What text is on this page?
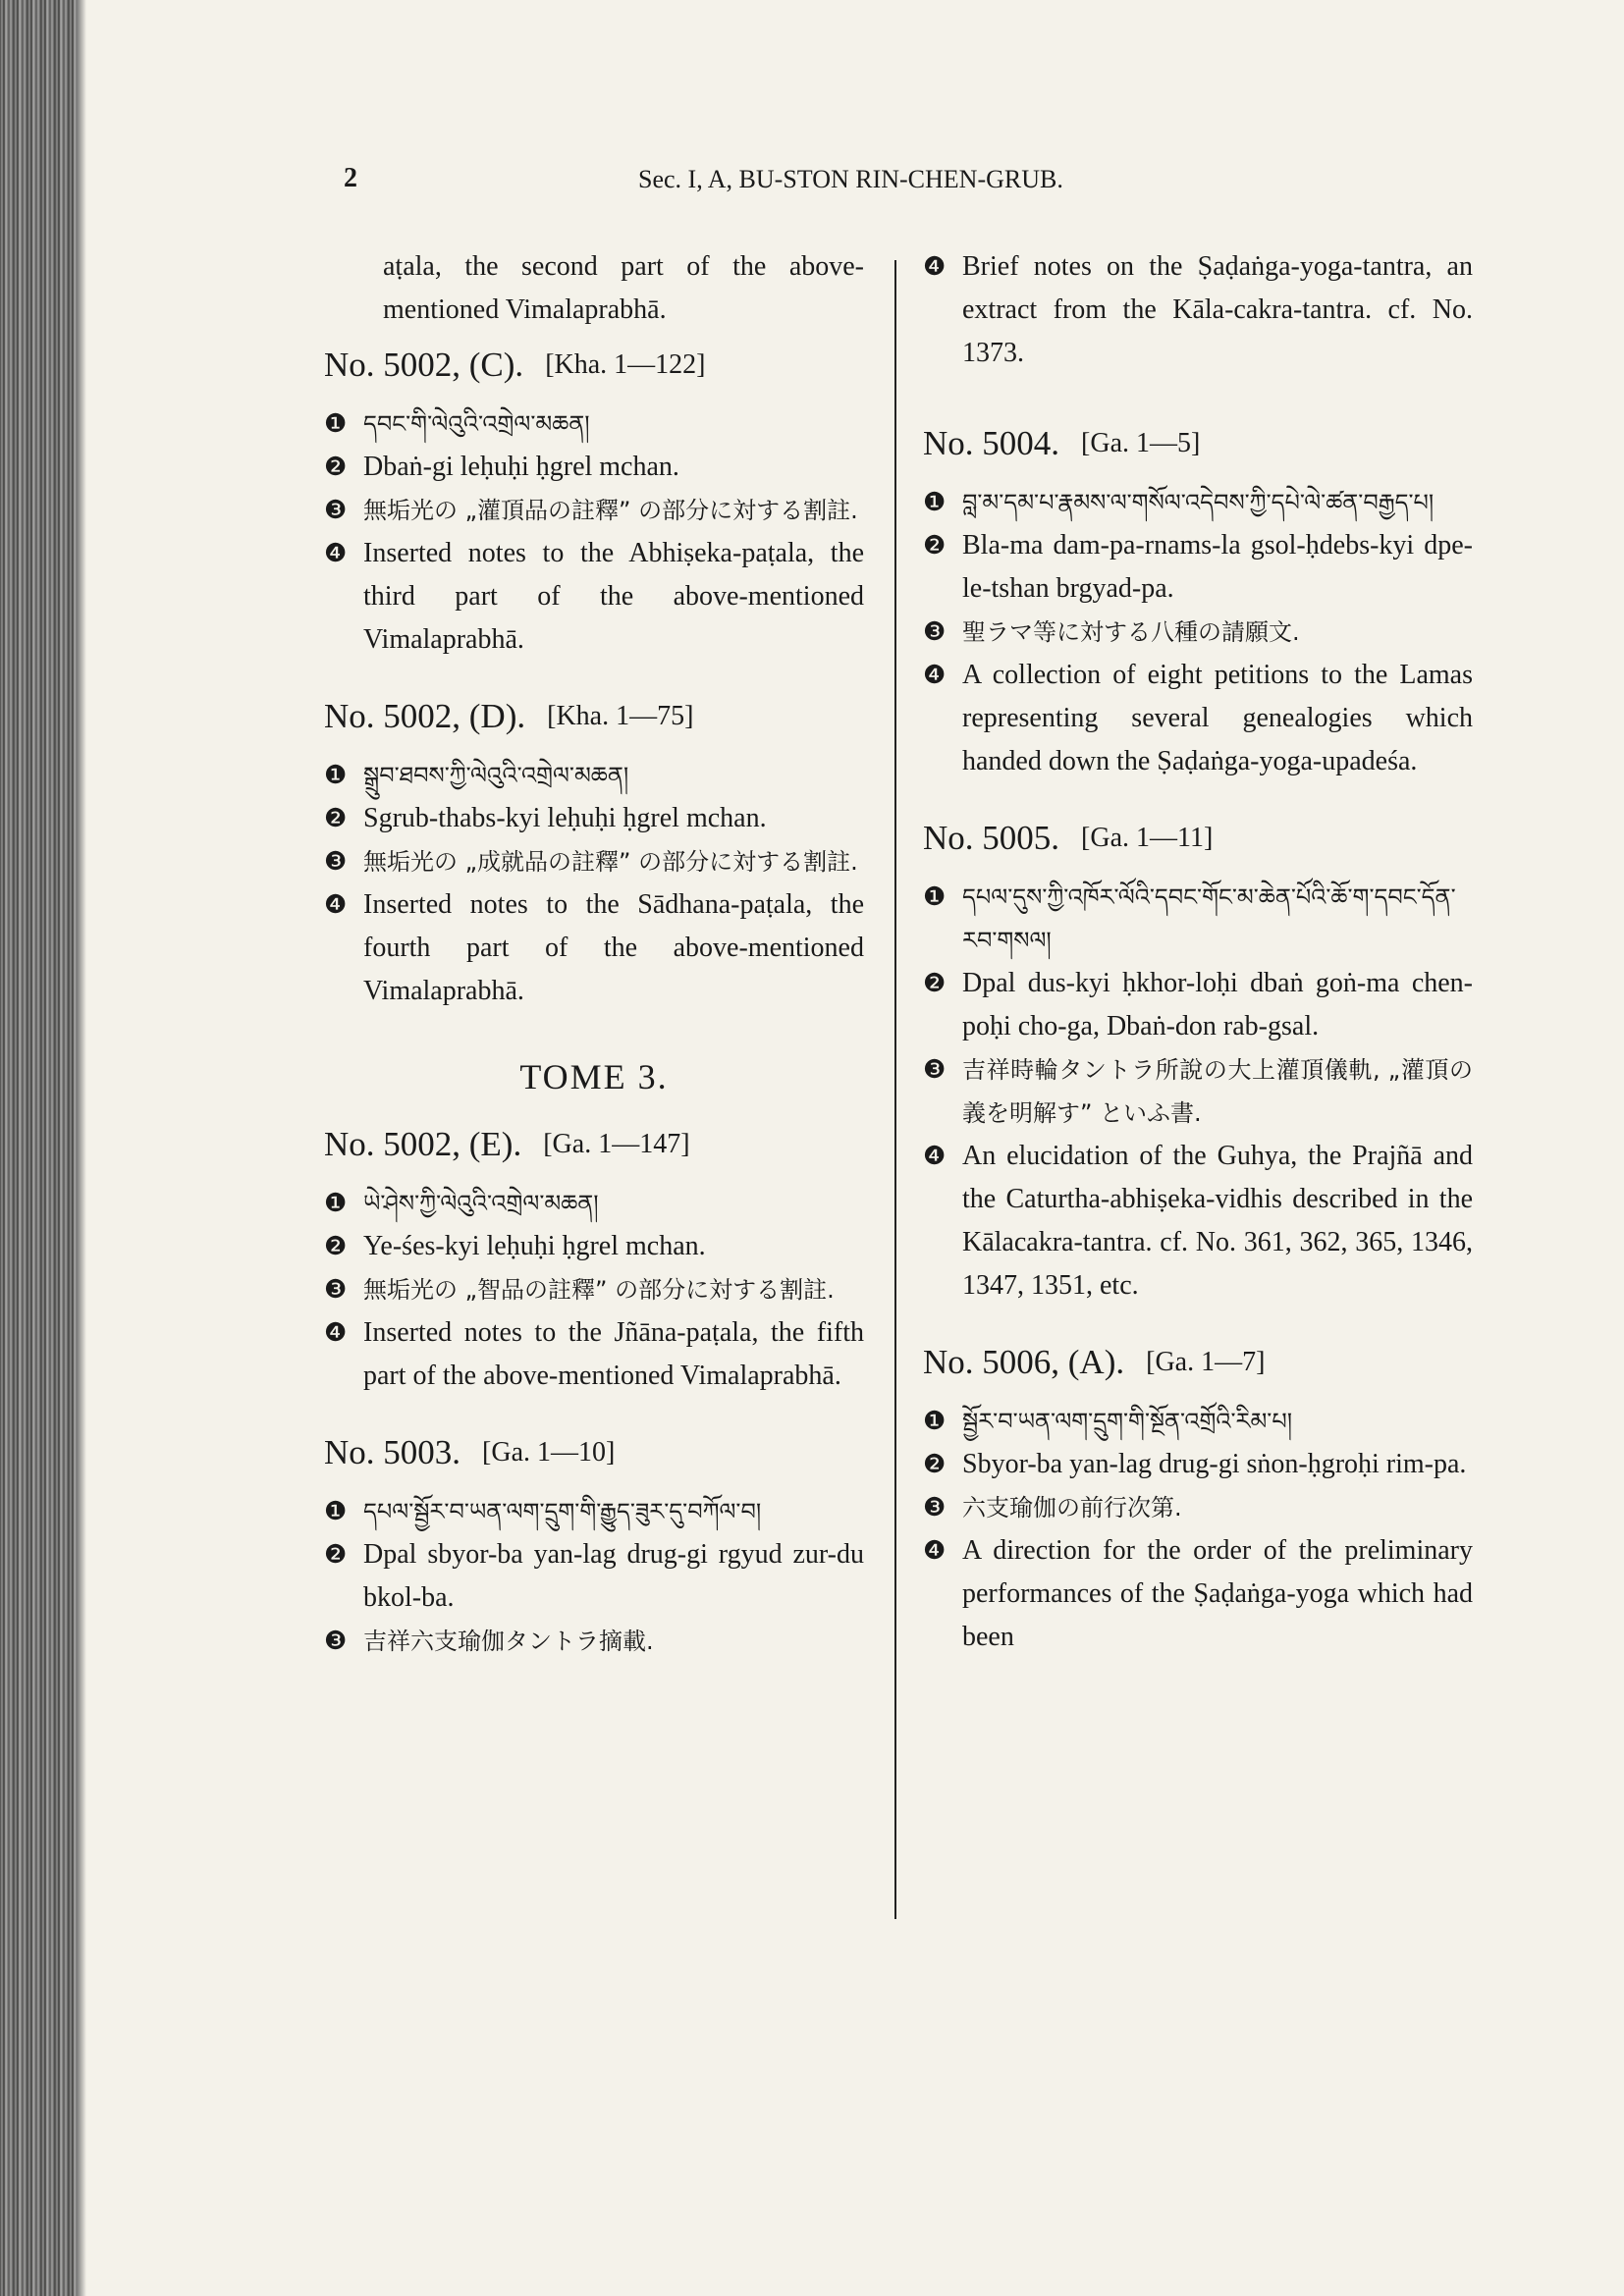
2	Sec. I, A, BU-STON RIN-CHEN-GRUB.
aṭala, the second part of the above-mentioned Vimalaprabhā.
No. 5002, (C). [Kha. 1—122]
❶ དབང་གི་ལེའུའི་འགྲེལ་མཆན།
❷ Dbaṅ-gi leḥuḥi ḥgrel mchan.
❸ 無垢光の „灌頂品の註釋” の部分に対する割註.
❹ Inserted notes to the Abhiṣeka-paṭala, the third part of the above-mentioned Vimalaprabhā.
No. 5002, (D). [Kha. 1—75]
❶ སྒྲུབ་ཐབས་ཀྱི་ལེའུའི་འགྲེལ་མཆན།
❷ Sgrub-thabs-kyi leḥuḥi ḥgrel mchan.
❸ 無垢光の „成就品の註釋” の部分に対する割註.
❹ Inserted notes to the Sādhana-paṭala, the fourth part of the above-mentioned Vimalaprabhā.
TOME 3.
No. 5002, (E). [Ga. 1—147]
❶ ཡེ་ཤེས་ཀྱི་ལེའུའི་འགྲེལ་མཆན།
❷ Ye-śes-kyi leḥuḥi ḥgrel mchan.
❸ 無垢光の „智品の註釋” の部分に対する割註.
❹ Inserted notes to the Jñāna-paṭala, the fifth part of the above-mentioned Vimalaprabhā.
No. 5003. [Ga. 1—10]
❶ དཔལ་སྦྱོར་བ་ཡན་ལག་དྲུག་གི་རྒྱུད་ཟུར་དུ་བཀོལ་བ།
❷ Dpal sbyor-ba yan-lag drug-gi rgyud zur-du bkol-ba.
❸ 吉祥六支瑜伽タントラ摘載.
❹ Brief notes on the Ṣaḍaṅga-yoga-tantra, an extract from the Kāla-cakra-tantra. cf. No. 1373.
No. 5004. [Ga. 1—5]
❶ བླ་མ་དམ་པ་རྣམས་ལ་གསོལ་འདེབས་ཀྱི་དཔེ་ལེ་ཚན་བརྒྱད་པ།
❷ Bla-ma dam-pa-rnams-la gsol-ḥdebs-kyi dpe-le-tshan brgyad-pa.
❸ 聖ラマ等に対する八種の請願文.
❹ A collection of eight petitions to the Lamas representing several genealogies which handed down the Ṣaḍaṅga-yoga-upadeśa.
No. 5005. [Ga. 1—11]
❶ དཔལ་དུས་ཀྱི་འཁོར་ལོའི་དབང་གོང་མ་ཆེན་པོའི་ཆོ་ག་དབང་དོན་རབ་གསལ།
❷ Dpal dus-kyi ḥkhor-loḥi dbaṅ goṅ-ma chen-poḥi cho-ga, Dbaṅ-don rab-gsal.
❸ 吉祥時輪タントラ所說の大上灌頂儀軌, „灌頂の義を明解す” といふ書.
❹ An elucidation of the Guhya, the Prajñā and the Caturtha-abhiṣeka-vidhis described in the Kālacakra-tantra. cf. No. 361, 362, 365, 1346, 1347, 1351, etc.
No. 5006, (A). [Ga. 1—7]
❶ སྦྱོར་བ་ཡན་ལག་དྲུག་གི་སྔོན་འགྲོའི་རིམ་པ།
❷ Sbyor-ba yan-lag drug-gi sṅon-ḥgroḥi rim-pa.
❸ 六支瑜伽の前行次第.
❹ A direction for the order of the preliminary performances of the Ṣaḍaṅga-yoga which had been
